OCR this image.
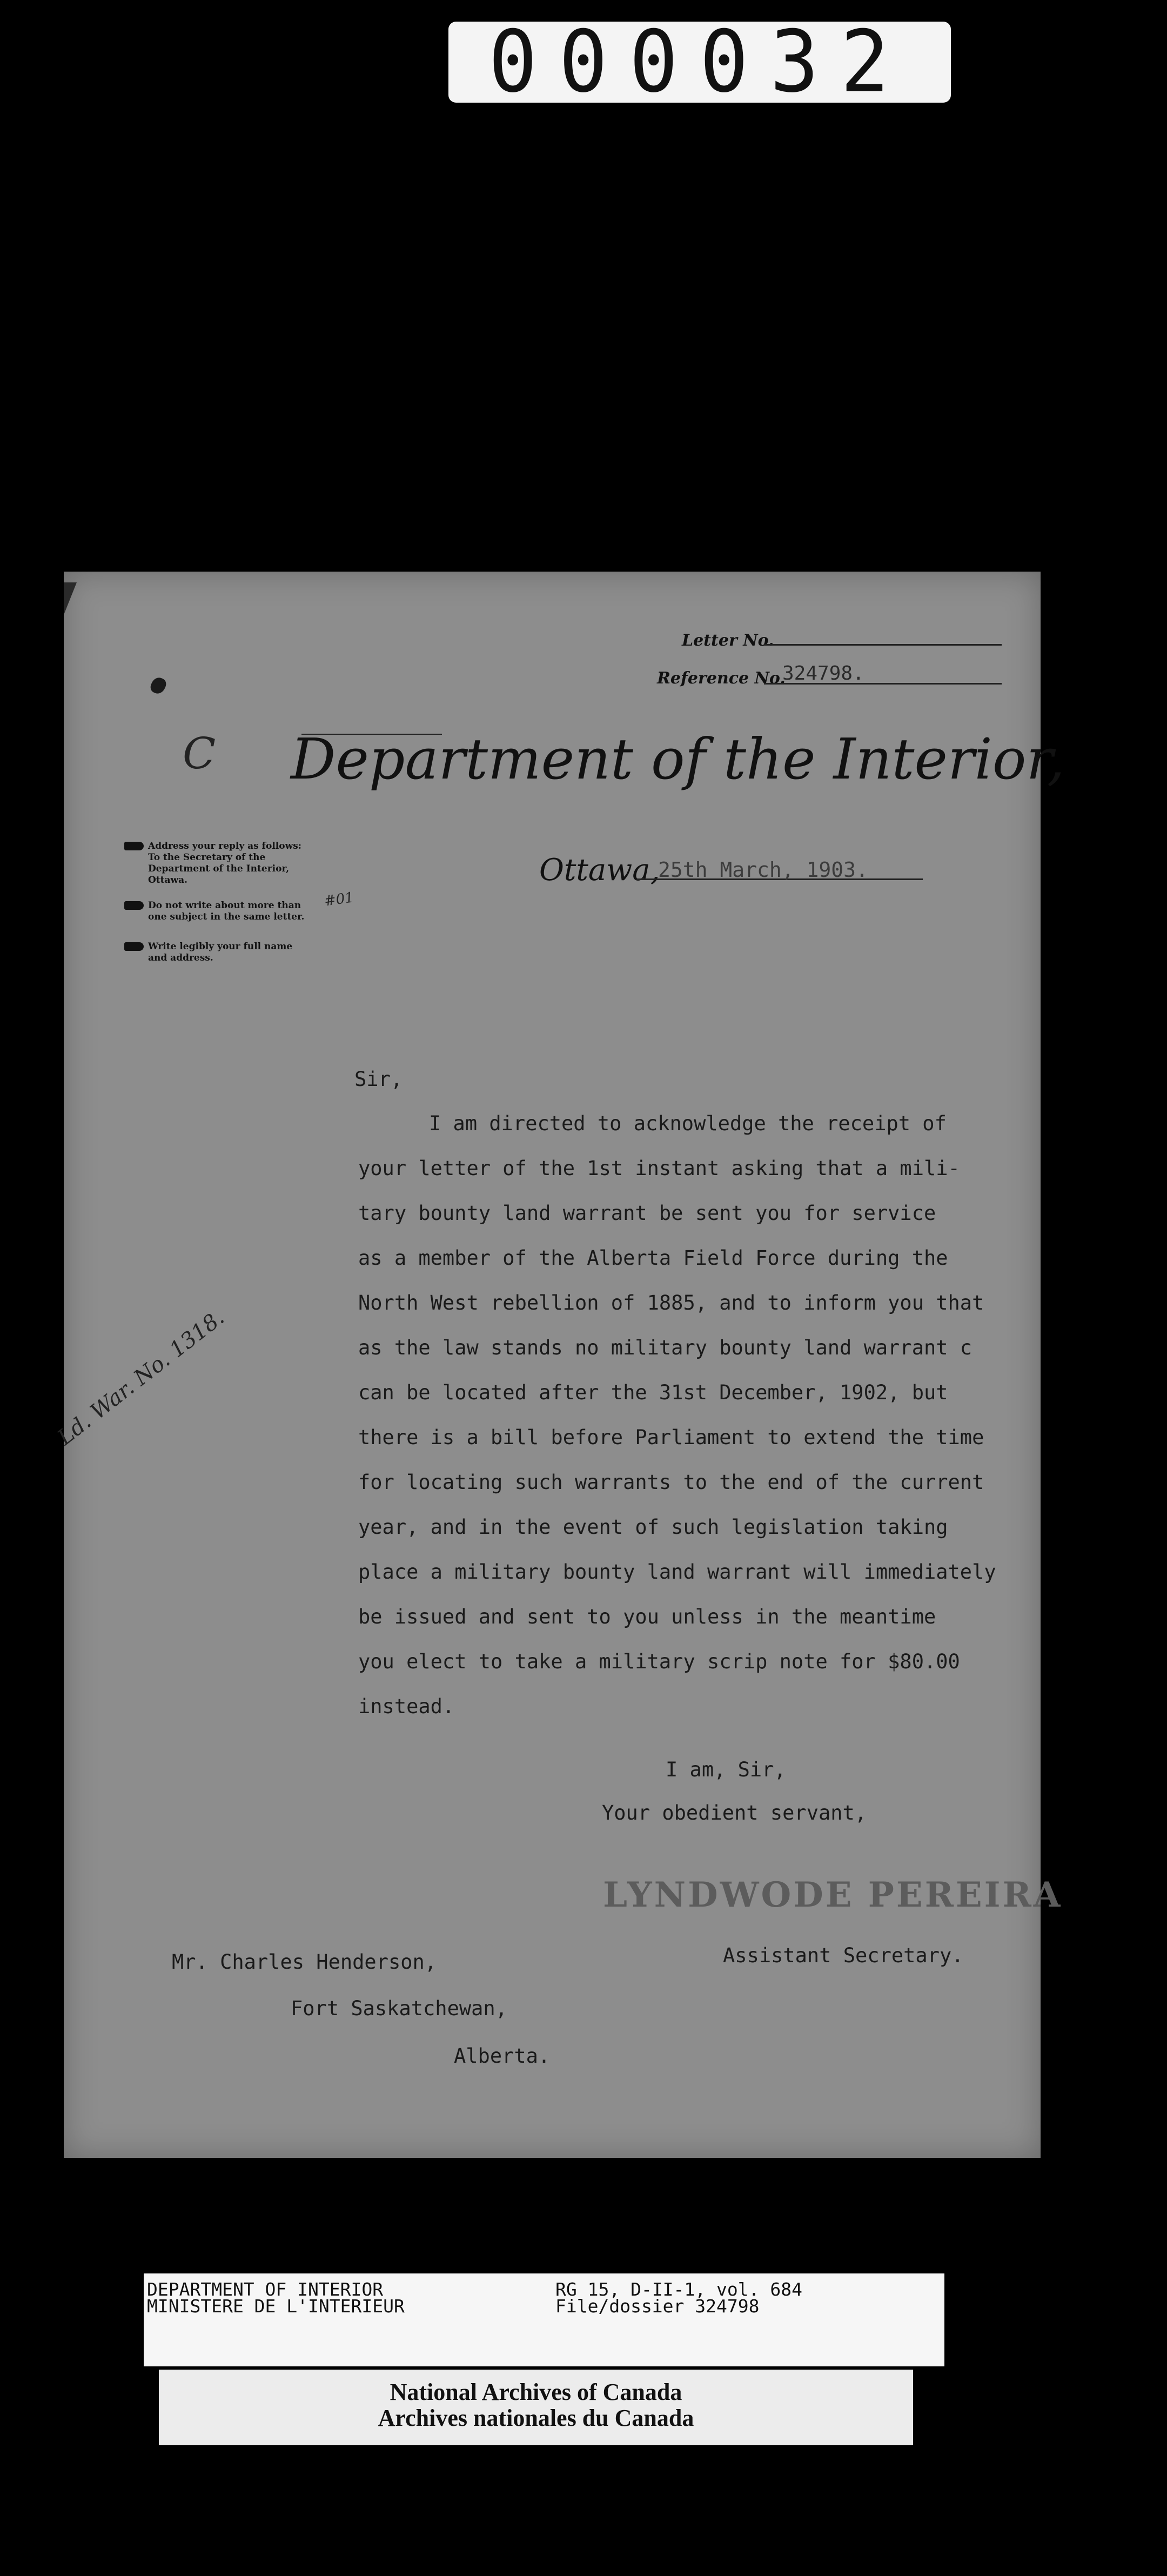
000032
Letter No.
Reference No.
324798.
C Department of the Interior,
Address your reply as follows: To the Secretary of the Department of the Interior, Ottawa.
Do not write about more than one subject in the same letter.
Write legibly your full name and address.
#01
Ottawa,
25th March, 1903.
Sir,
I am directed to acknowledge the receipt of
your letter of the 1st instant asking that a mili-
tary bounty land warrant be sent you for service
as a member of the Alberta Field Force during the
North West rebellion of 1885, and to inform you that
as the law stands no military bounty land warrant c
can be located after the 31st December, 1902, but
there is a bill before Parliament to extend the time
for locating such warrants to the end of the current
year, and in the event of such legislation taking
place a military bounty land warrant will immediately
be issued and sent to you unless in the meantime
you elect to take a military scrip note for $80.00
instead.
Ld. War. No. 1318.
I am, Sir,
Your obedient servant,
LYNDWODE PEREIRA
Assistant Secretary.
Mr. Charles Henderson,
Fort Saskatchewan,
Alberta.
DEPARTMENT OF INTERIOR
MINISTERE DE L'INTERIEUR
RG 15, D-II-1, vol. 684
File/dossier 324798
National Archives of Canada
Archives nationales du Canada
